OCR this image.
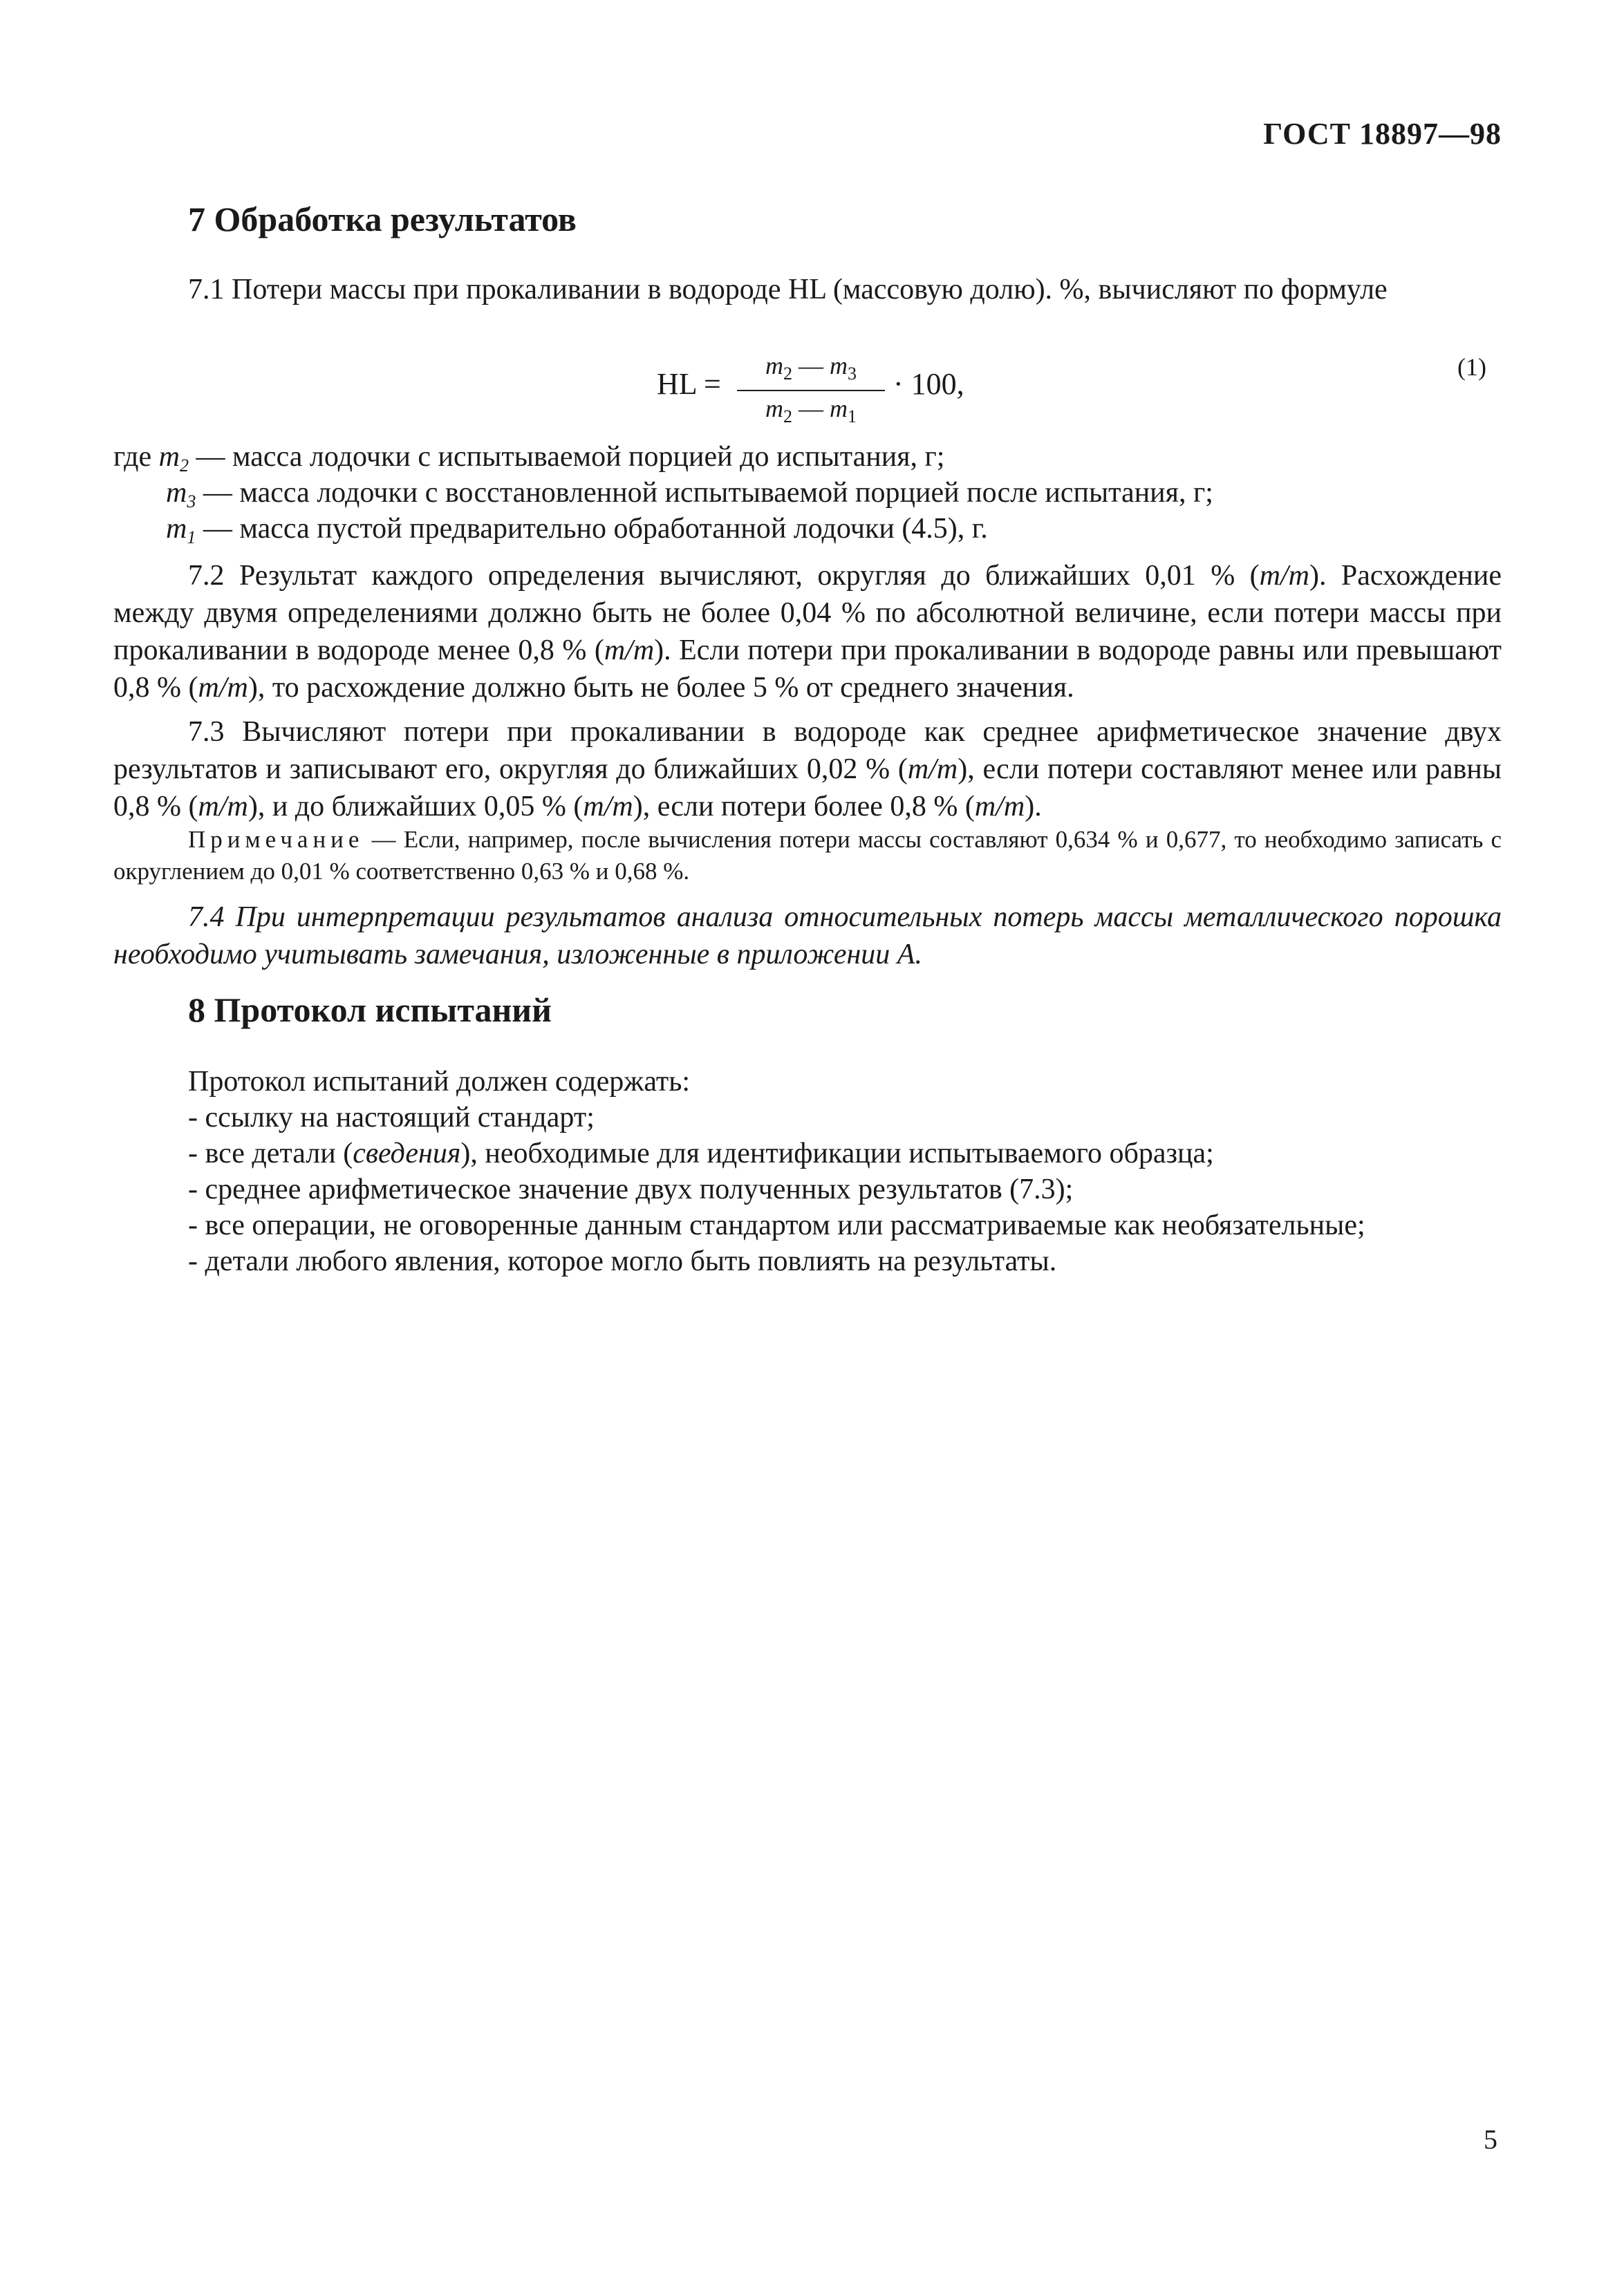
ГОСТ 18897—98
7 Обработка результатов
7.1 Потери массы при прокаливании в водороде HL (массовую долю). %, вычисляют по формуле
HL =
$m_2$ — $m_3$
$m_2$ — $m_1$
· 100,	(1)
где $m_2$ — масса лодочки с испытываемой порцией до испытания, г;
$m_3$ — масса лодочки с восстановленной испытываемой порцией после испытания, г;
$m_1$ — масса пустой предварительно обработанной лодочки (4.5), г.
7.2 Результат каждого определения вычисляют, округляя до ближайших 0,01 % (m/m). Расхождение между двумя определениями должно быть не более 0,04 % по абсолютной величине, если потери массы при прокаливании в водороде менее 0,8 % (m/m). Если потери при прокаливании в водороде равны или превышают 0,8 % (m/m), то расхождение должно быть не более 5 % от среднего значения.
7.3 Вычисляют потери при прокаливании в водороде как среднее арифметическое значение двух результатов и записывают его, округляя до ближайших 0,02 % (m/m), если потери составляют менее или равны 0,8 % (m/m), и до ближайших 0,05 % (m/m), если потери более 0,8 % (m/m).
Примечание — Если, например, после вычисления потери массы составляют 0,634 % и 0,677, то необходимо записать с округлением до 0,01 % соответственно 0,63 % и 0,68 %.
7.4 При интерпретации результатов анализа относительных потерь массы металлического порошка необходимо учитывать замечания, изложенные в приложении А.
8 Протокол испытаний
Протокол испытаний должен содержать:
- ссылку на настоящий стандарт;
- все детали (сведения), необходимые для идентификации испытываемого образца;
- среднее арифметическое значение двух полученных результатов (7.3);
- все операции, не оговоренные данным стандартом или рассматриваемые как необязательные;
- детали любого явления, которое могло быть повлиять на результаты.
5
